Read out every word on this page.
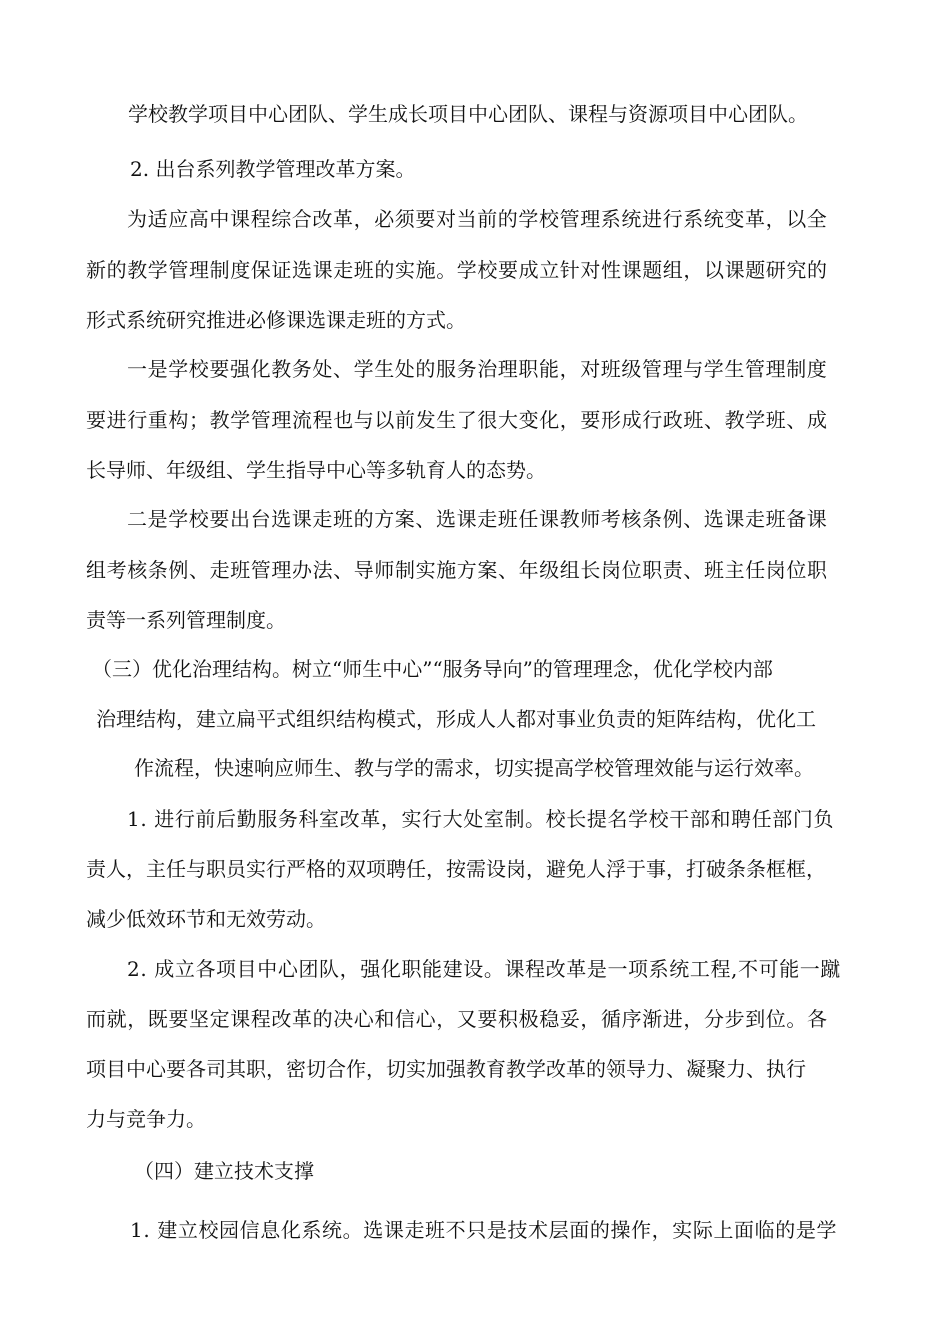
学校教学项目中心团队、学生成长项目中心团队、课程与资源项目中心团队。
2. 出台系列教学管理改革方案。
为适应高中课程综合改革，必须要对当前的学校管理系统进行系统变革，以全
新的教学管理制度保证选课走班的实施。学校要成立针对性课题组，以课题研究的
形式系统研究推进必修课选课走班的方式。
一是学校要强化教务处、学生处的服务治理职能，对班级管理与学生管理制度
要进行重构；教学管理流程也与以前发生了很大变化，要形成行政班、教学班、成
长导师、年级组、学生指导中心等多轨育人的态势。
二是学校要出台选课走班的方案、选课走班任课教师考核条例、选课走班备课
组考核条例、走班管理办法、导师制实施方案、年级组长岗位职责、班主任岗位职
责等一系列管理制度。
（三）优化治理结构。树立“师生中心”“服务导向”的管理理念，优化学校内部
治理结构，建立扁平式组织结构模式，形成人人都对事业负责的矩阵结构，优化工
作流程，快速响应师生、教与学的需求，切实提高学校管理效能与运行效率。
1. 进行前后勤服务科室改革，实行大处室制。校长提名学校干部和聘任部门负
责人，主任与职员实行严格的双项聘任，按需设岗，避免人浮于事，打破条条框框，
减少低效环节和无效劳动。
2. 成立各项目中心团队，强化职能建设。课程改革是一项系统工程,不可能一蹴
而就，既要坚定课程改革的决心和信心，又要积极稳妥，循序渐进，分步到位。各
项目中心要各司其职，密切合作，切实加强教育教学改革的领导力、凝聚力、执行
力与竞争力。
（四）建立技术支撑
1. 建立校园信息化系统。选课走班不只是技术层面的操作，实际上面临的是学
